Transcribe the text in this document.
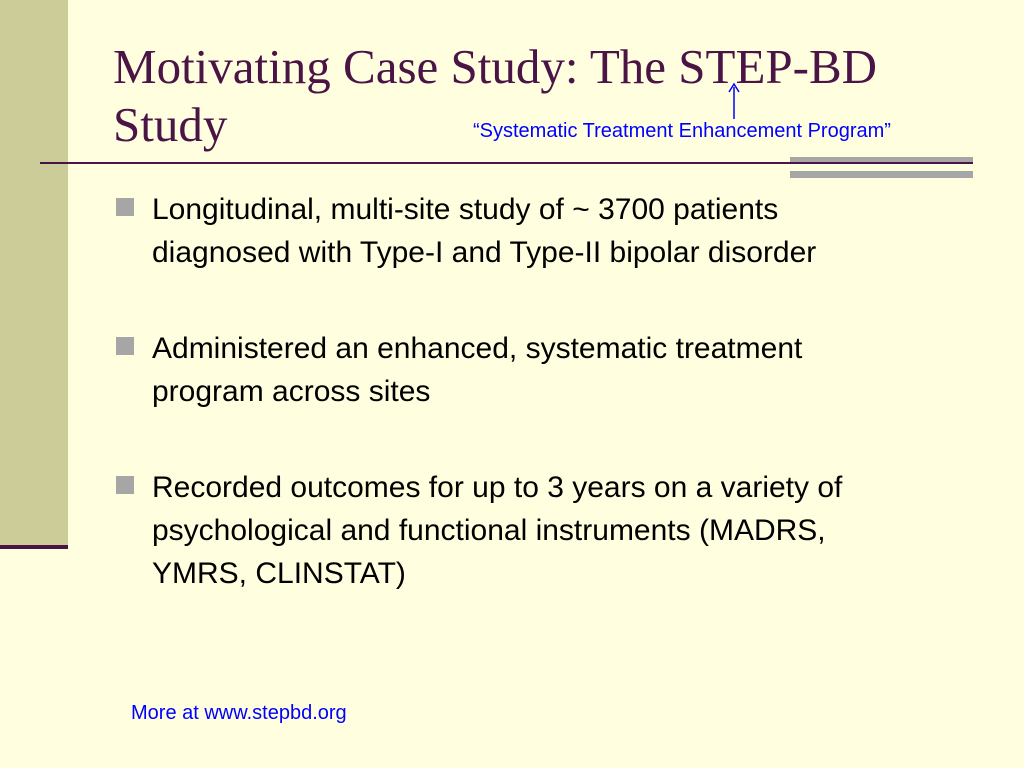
Motivating Case Study: The STEP-BD Study	“Systematic Treatment Enhancement Program”
Longitudinal, multi-site study of ~ 3700 patients diagnosed with Type-I and Type-II bipolar disorder
Administered an enhanced, systematic treatment program across sites
Recorded outcomes for up to 3 years on a variety of psychological and functional instruments (MADRS, YMRS, CLINSTAT)
More at www.stepbd.org
